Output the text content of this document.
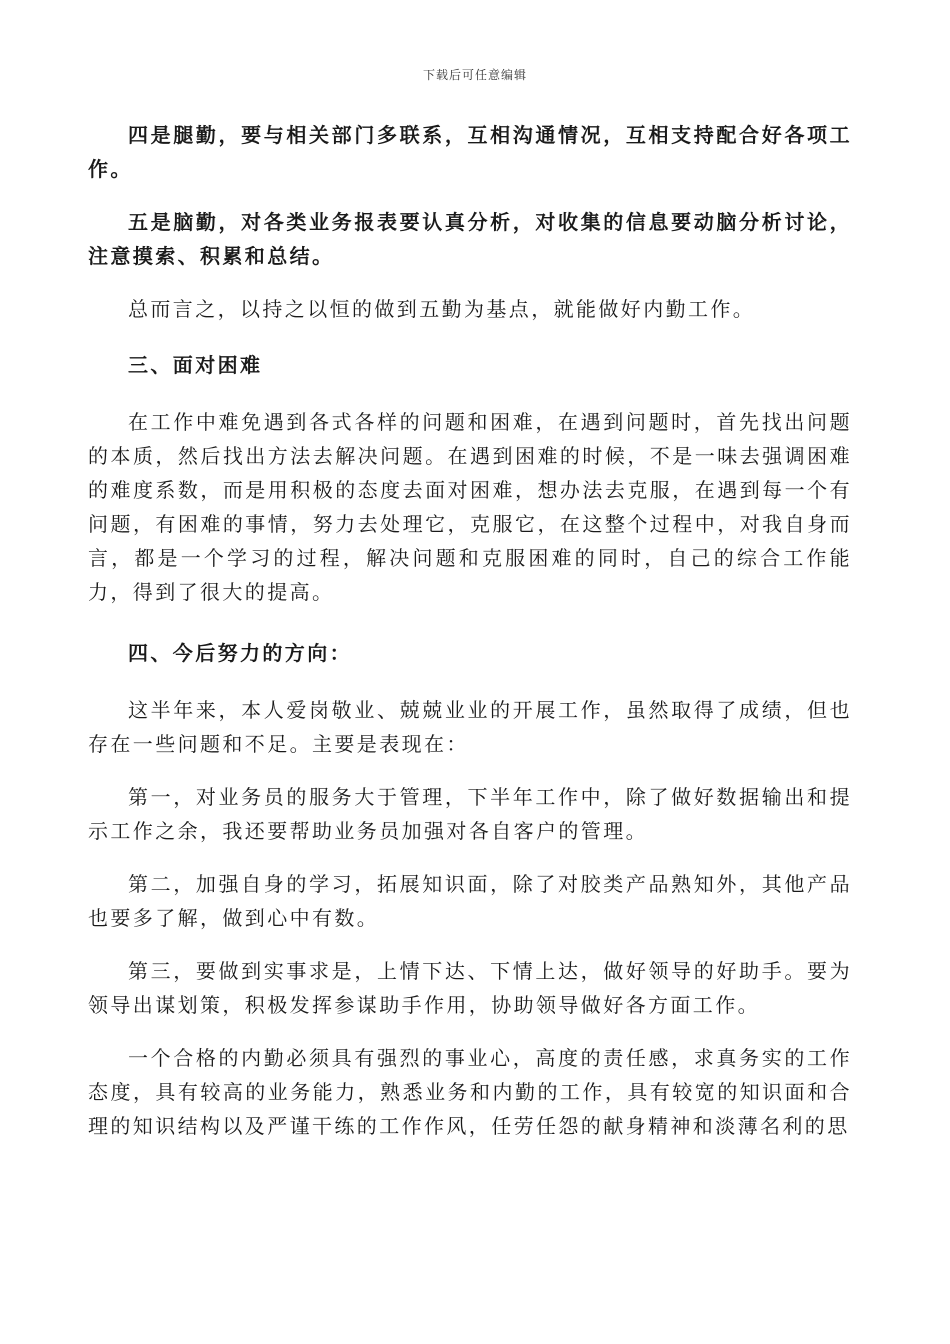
下载后可任意编辑

四是腿勤，要与相关部门多联系，互相沟通情况，互相支持配合好各项工作。

五是脑勤，对各类业务报表要认真分析，对收集的信息要动脑分析讨论，注意摸索、积累和总结。

总而言之，以持之以恒的做到五勤为基点，就能做好内勤工作。

三、面对困难

在工作中难免遇到各式各样的问题和困难，在遇到问题时，首先找出问题的本质，然后找出方法去解决问题。在遇到困难的时候，不是一味去强调困难的难度系数，而是用积极的态度去面对困难，想办法去克服，在遇到每一个有问题，有困难的事情，努力去处理它，克服它，在这整个过程中，对我自身而言，都是一个学习的过程，解决问题和克服困难的同时，自己的综合工作能力，得到了很大的提高。

四、今后努力的方向：

这半年来，本人爱岗敬业、兢兢业业的开展工作，虽然取得了成绩，但也存在一些问题和不足。主要是表现在：

第一，对业务员的服务大于管理，下半年工作中，除了做好数据输出和提示工作之余，我还要帮助业务员加强对各自客户的管理。

第二，加强自身的学习，拓展知识面，除了对胶类产品熟知外，其他产品也要多了解，做到心中有数。

第三，要做到实事求是，上情下达、下情上达，做好领导的好助手。要为领导出谋划策，积极发挥参谋助手作用，协助领导做好各方面工作。

一个合格的内勤必须具有强烈的事业心，高度的责任感，求真务实的工作态度，具有较高的业务能力，熟悉业务和内勤的工作，具有较宽的知识面和合理的知识结构以及严谨干练的工作作风，任劳任怨的献身精神和淡薄名利的思
